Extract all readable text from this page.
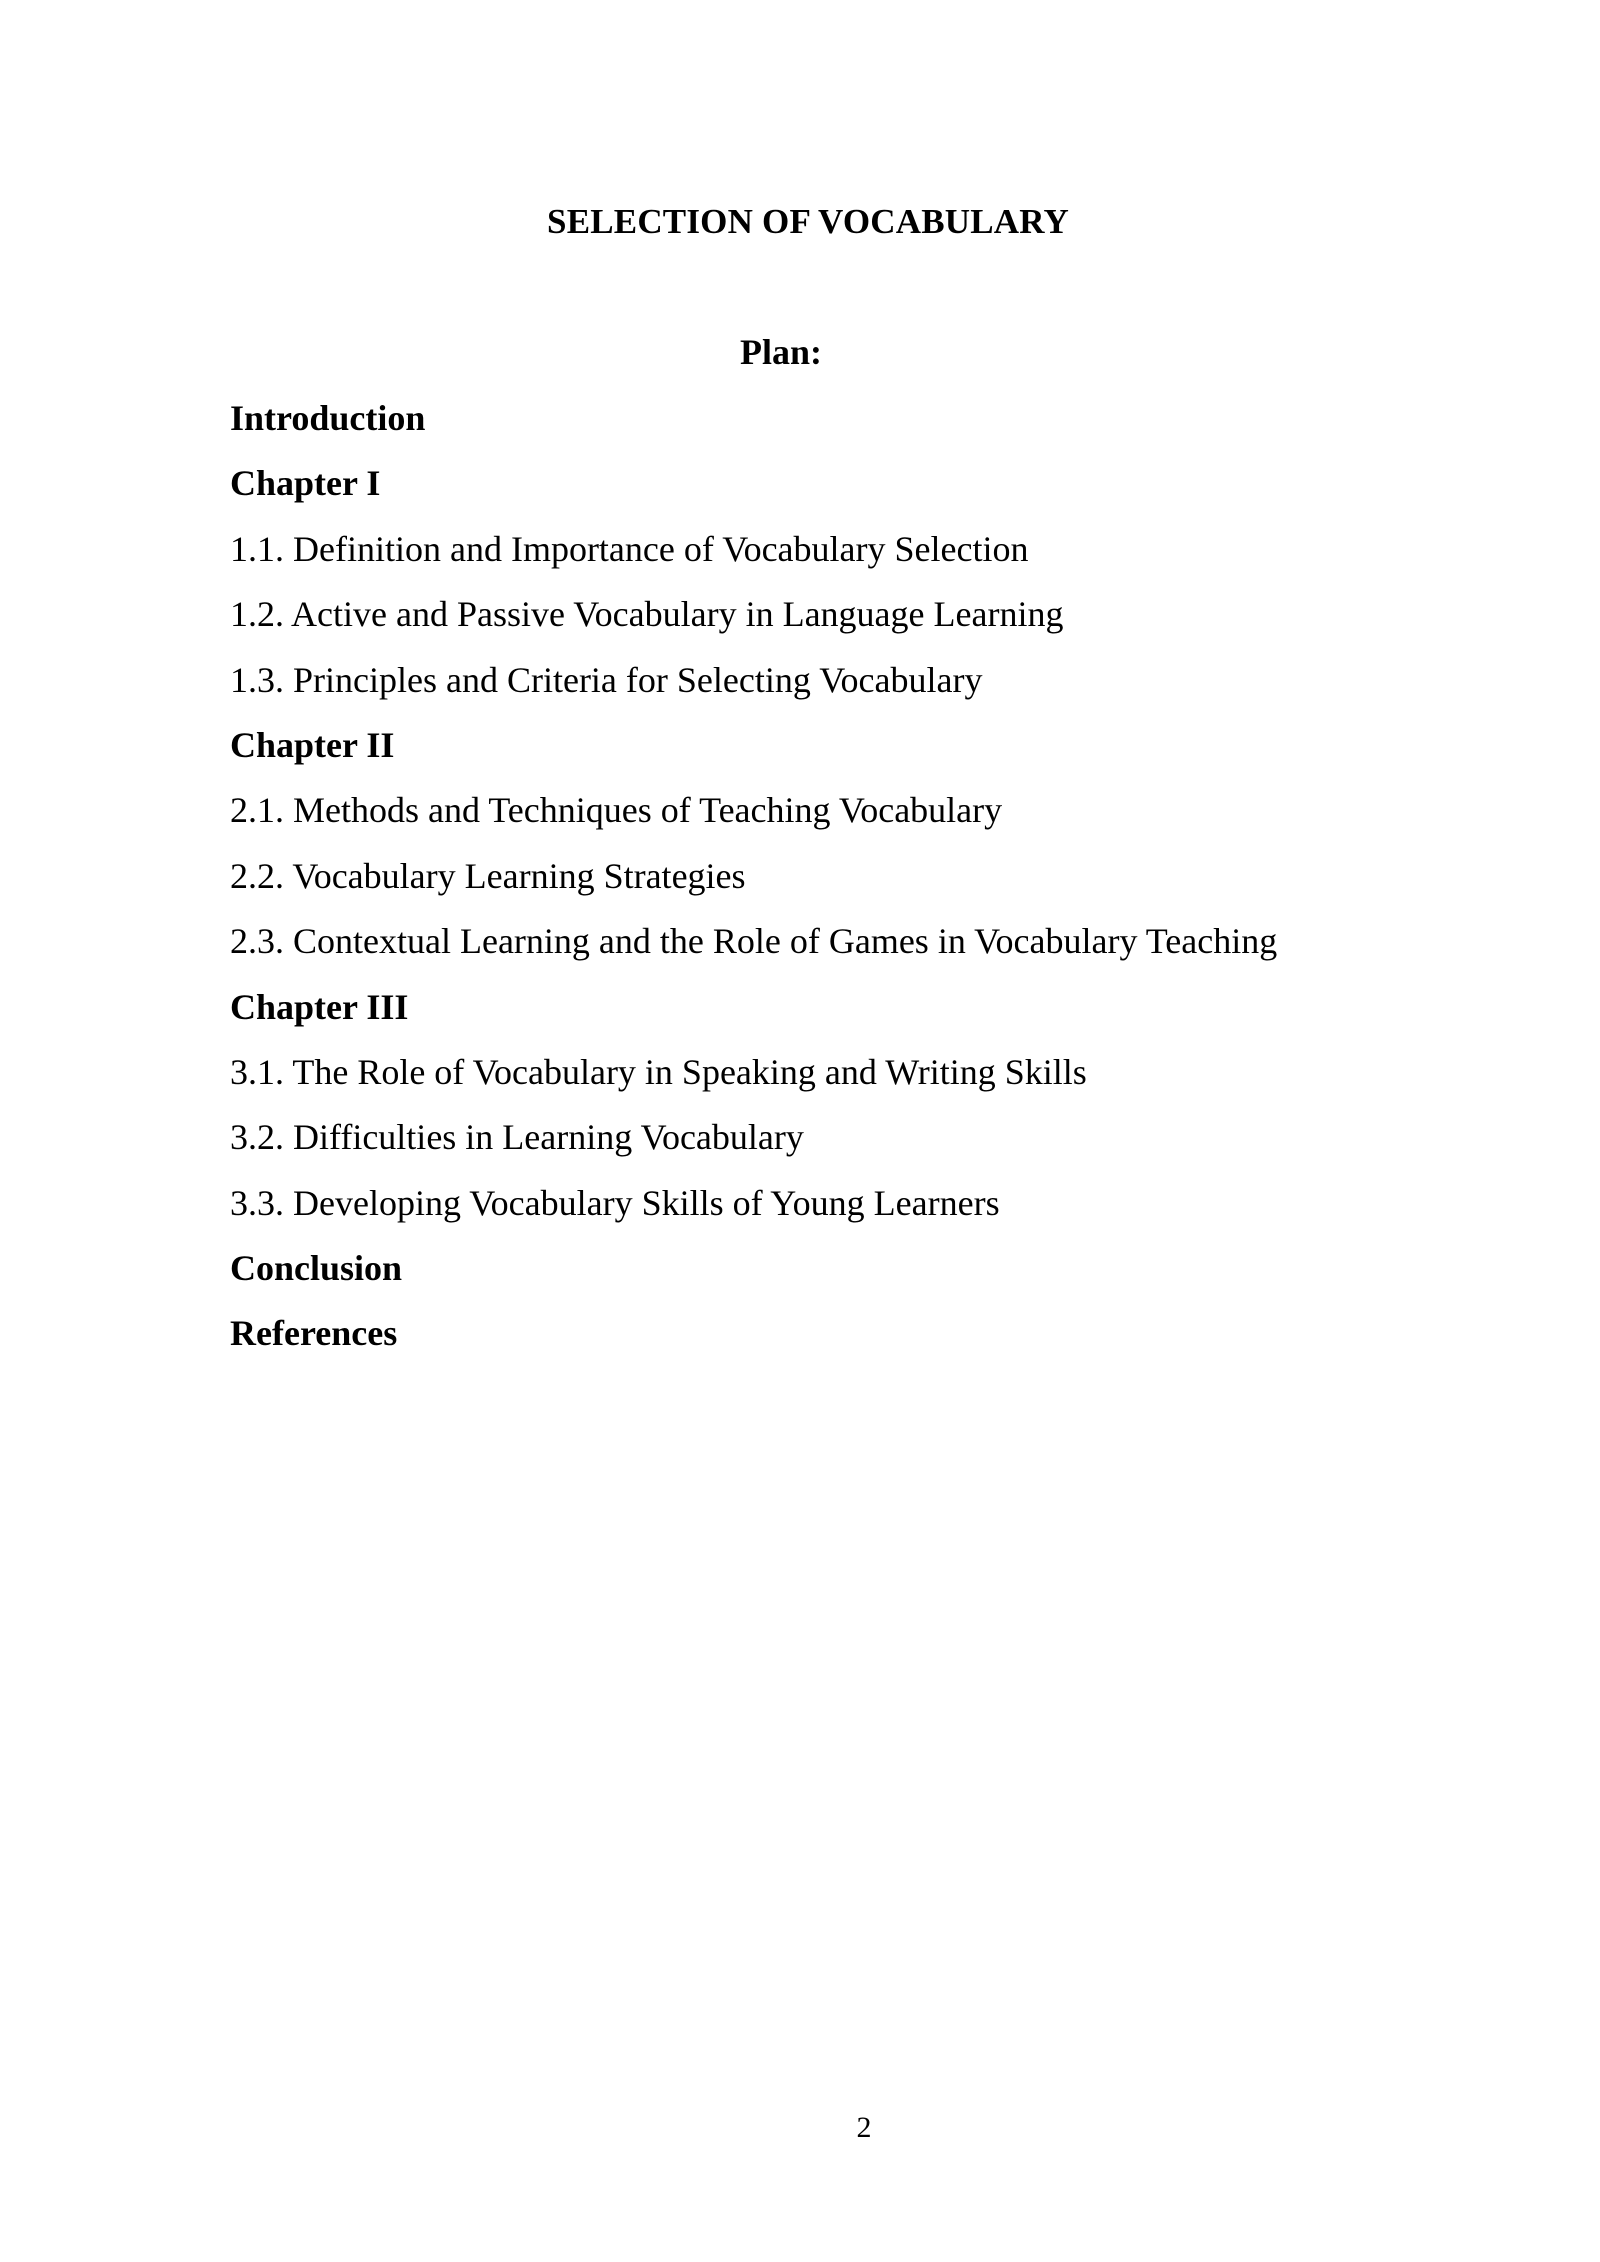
SELECTION OF VOCABULARY
Plan:
Introduction
Chapter I
1.1. Definition and Importance of Vocabulary Selection
1.2. Active and Passive Vocabulary in Language Learning
1.3. Principles and Criteria for Selecting Vocabulary
Chapter II
2.1. Methods and Techniques of Teaching Vocabulary
2.2. Vocabulary Learning Strategies
2.3. Contextual Learning and the Role of Games in Vocabulary Teaching
Chapter III
3.1. The Role of Vocabulary in Speaking and Writing Skills
3.2. Difficulties in Learning Vocabulary
3.3. Developing Vocabulary Skills of Young Learners
Conclusion
References
2
